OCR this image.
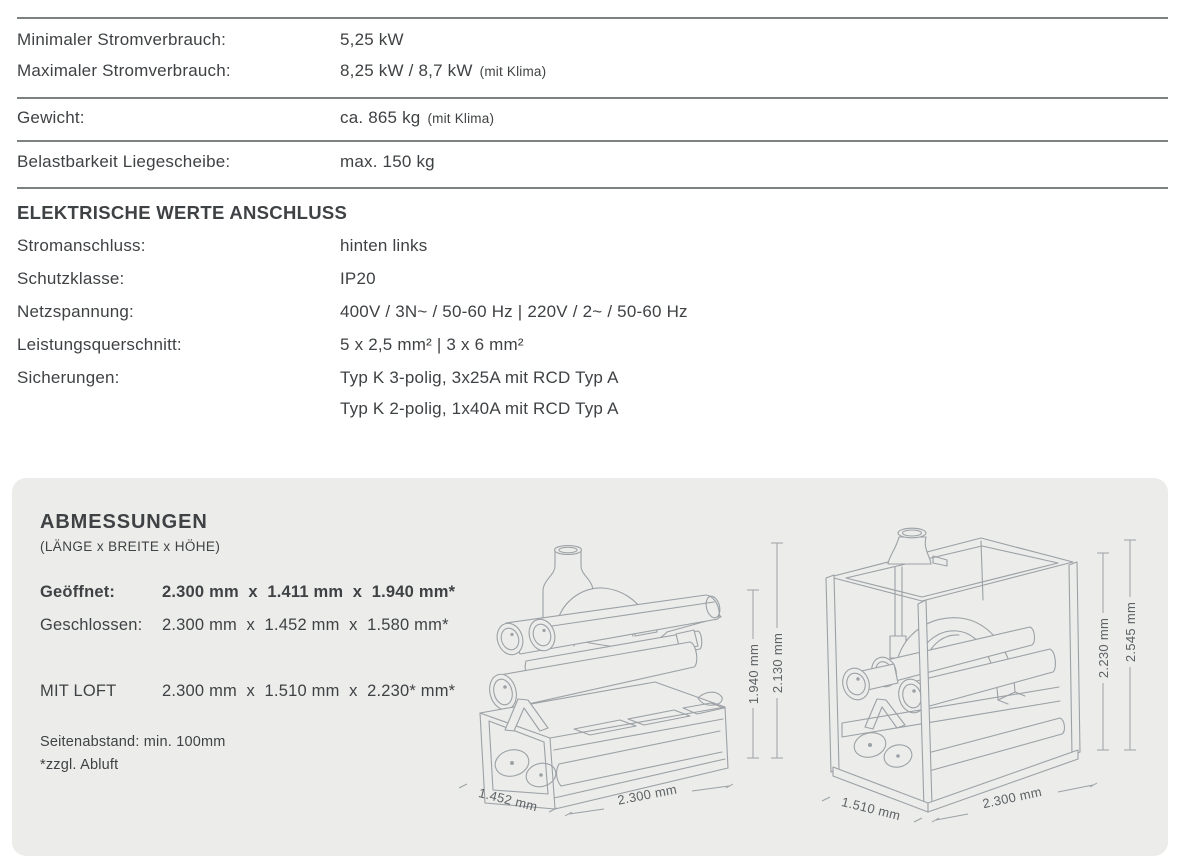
Minimaler Stromverbrauch:	5,25 kW
Maximaler Stromverbrauch:	8,25 kW / 8,7 kW (mit Klima)
Gewicht:	ca. 865 kg (mit Klima)
Belastbarkeit Liegescheibe:	max. 150 kg
ELEKTRISCHE WERTE ANSCHLUSS
Stromanschluss:	hinten links
Schutzklasse:	IP20
Netzspannung:	400V / 3N~ / 50-60 Hz | 220V / 2~ / 50-60 Hz
Leistungsquerschnitt:	5 x 2,5 mm² | 3 x 6 mm²
Sicherungen:	Typ K 3-polig, 3x25A mit RCD Typ A
Typ K 2-polig, 1x40A mit RCD Typ A
ABMESSUNGEN
(LÄNGE x BREITE x HÖHE)
Geöffnet:	2.300 mm  x  1.411 mm  x  1.940 mm*
Geschlossen: 2.300 mm  x  1.452 mm  x  1.580 mm*
MIT LOFT	2.300 mm  x  1.510 mm  x  2.230* mm*
Seitenabstand: min. 100mm
*zzgl. Abluft
1.940 mm 2.130 mm
1.452 mm	2.300 mm
2.230 mm 2.545 mm
1.510 mm	2.300 mm
